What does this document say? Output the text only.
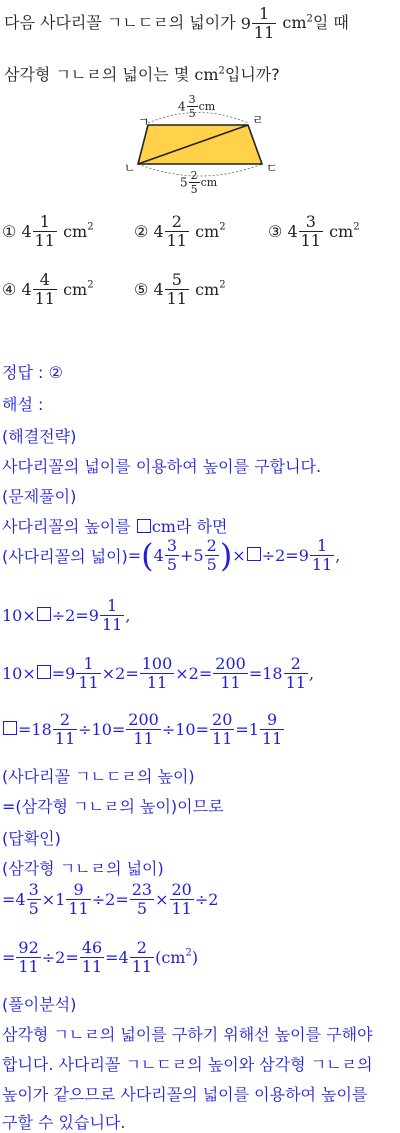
다음 사다리꼴 ㄱㄴㄷㄹ의 넓이가 $9 \frac{1}{11} cm^2$일 때
삼각형 ㄱㄴㄹ의 넓이는 몇 $cm^2$입니까?
ㄱ	ㄹ
ㄴ	ㄷ
$4 \frac{3}{5}$ cm
$5 \frac{2}{5}$ cm
① $4 \frac{1}{11} cm^2$	② $4 \frac{2}{11} cm^2$	③ $4 \frac{3}{11} cm^2$
④ $4 \frac{4}{11} cm^2$	⑤ $4 \frac{5}{11} cm^2$
정답 : ②
해설 :
(해결전략)
사다리꼴의 넓이를 이용하여 높이를 구합니다.
(문제풀이)
사다리꼴의 높이를 cm라 하면
(사다리꼴의 넓이)$=(4 \frac{3}{5} +5 \frac{2}{5}$ )× $\div 2=9 \frac{1}{11}$ ,
$10\times \div 2=9 \frac{1}{11}$ ,
$10\times =9 \frac{1}{11} \times 2= \frac{100}{11} \times 2= \frac{200}{11} =18 \frac{2}{11}$ ,
$=18 \frac{2}{11} \div 10= \frac{200}{11} \div 10= \frac{20}{11} =1 \frac{9}{11}$
(사다리꼴 ㄱㄴㄷㄹ의 높이)
=(삼각형 ㄱㄴㄹ의 높이)이므로
(답확인)
(삼각형 ㄱㄴㄹ의 넓이)
$=4 \frac{3}{5} \times 1 \frac{9}{11} \div 2= \frac{23}{5} \times \frac{20}{11} \div 2$
= $\frac{92}{11} \div 2= \frac{46}{11} =4 \frac{2}{11} (cm^2)$
(풀이분석)
삼각형 ㄱㄴㄹ의 넓이를 구하기 위해선 높이를 구해야
합니다. 사다리꼴 ㄱㄴㄷㄹ의 높이와 삼각형 ㄱㄴㄹ의
높이가 같으므로 사다리꼴의 넓이를 이용하여 높이를
구할 수 있습니다.
